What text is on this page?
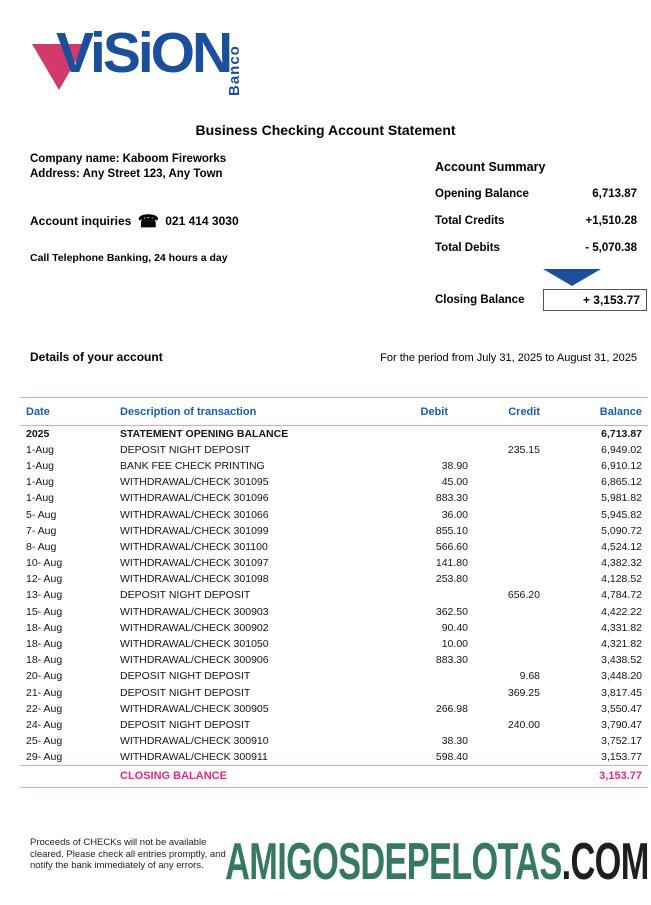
ViSiON
Banco
Business Checking Account Statement
Company name: Kaboom Fireworks
Address: Any Street 123, Any Town
Account inquiries ☎ 021 414 3030
Call Telephone Banking, 24 hours a day
Account Summary
Opening Balance	6,713.87
Total Credits	+1,510.28
Total Debits	- 5,070.38
Closing Balance	+ 3,153.77
Details of your account	For the period from July 31, 2025 to August 31, 2025
Date	Description of transaction	Debit	Credit	Balance
2025	STATEMENT OPENING BALANCE			6,713.87
1-Aug	DEPOSIT NIGHT DEPOSIT		235.15	6,949.02
1-Aug	BANK FEE CHECK PRINTING	38.90		6,910.12
1-Aug	WITHDRAWAL/CHECK 301095	45.00		6,865.12
1-Aug	WITHDRAWAL/CHECK 301096	883.30		5,981.82
5- Aug	WITHDRAWAL/CHECK 301066	36.00		5,945.82
7- Aug	WITHDRAWAL/CHECK 301099	855.10		5,090.72
8- Aug	WITHDRAWAL/CHECK 301100	566.60		4,524.12
10- Aug	WITHDRAWAL/CHECK 301097	141.80		4,382.32
12- Aug	WITHDRAWAL/CHECK 301098	253.80		4,128.52
13- Aug	DEPOSIT NIGHT DEPOSIT		656.20	4,784.72
15- Aug	WITHDRAWAL/CHECK 300903	362.50		4,422.22
18- Aug	WITHDRAWAL/CHECK 300902	90.40		4,331.82
18- Aug	WITHDRAWAL/CHECK 301050	10.00		4,321.82
18- Aug	WITHDRAWAL/CHECK 300906	883.30		3,438.52
20- Aug	DEPOSIT NIGHT DEPOSIT		9.68	3,448.20
21- Aug	DEPOSIT NIGHT DEPOSIT		369.25	3,817.45
22- Aug	WITHDRAWAL/CHECK 300905	266.98		3,550.47
24- Aug	DEPOSIT NIGHT DEPOSIT		240.00	3,790.47
25- Aug	WITHDRAWAL/CHECK 300910	38.30		3,752.17
29- Aug	WITHDRAWAL/CHECK 300911	598.40		3,153.77
	CLOSING BALANCE			3,153.77
Proceeds of CHECKs will not be available
cleared. Please check all entries promptly, and
notify the bank immediately of any errors. AMIGOSDEPELOTAS.COM
